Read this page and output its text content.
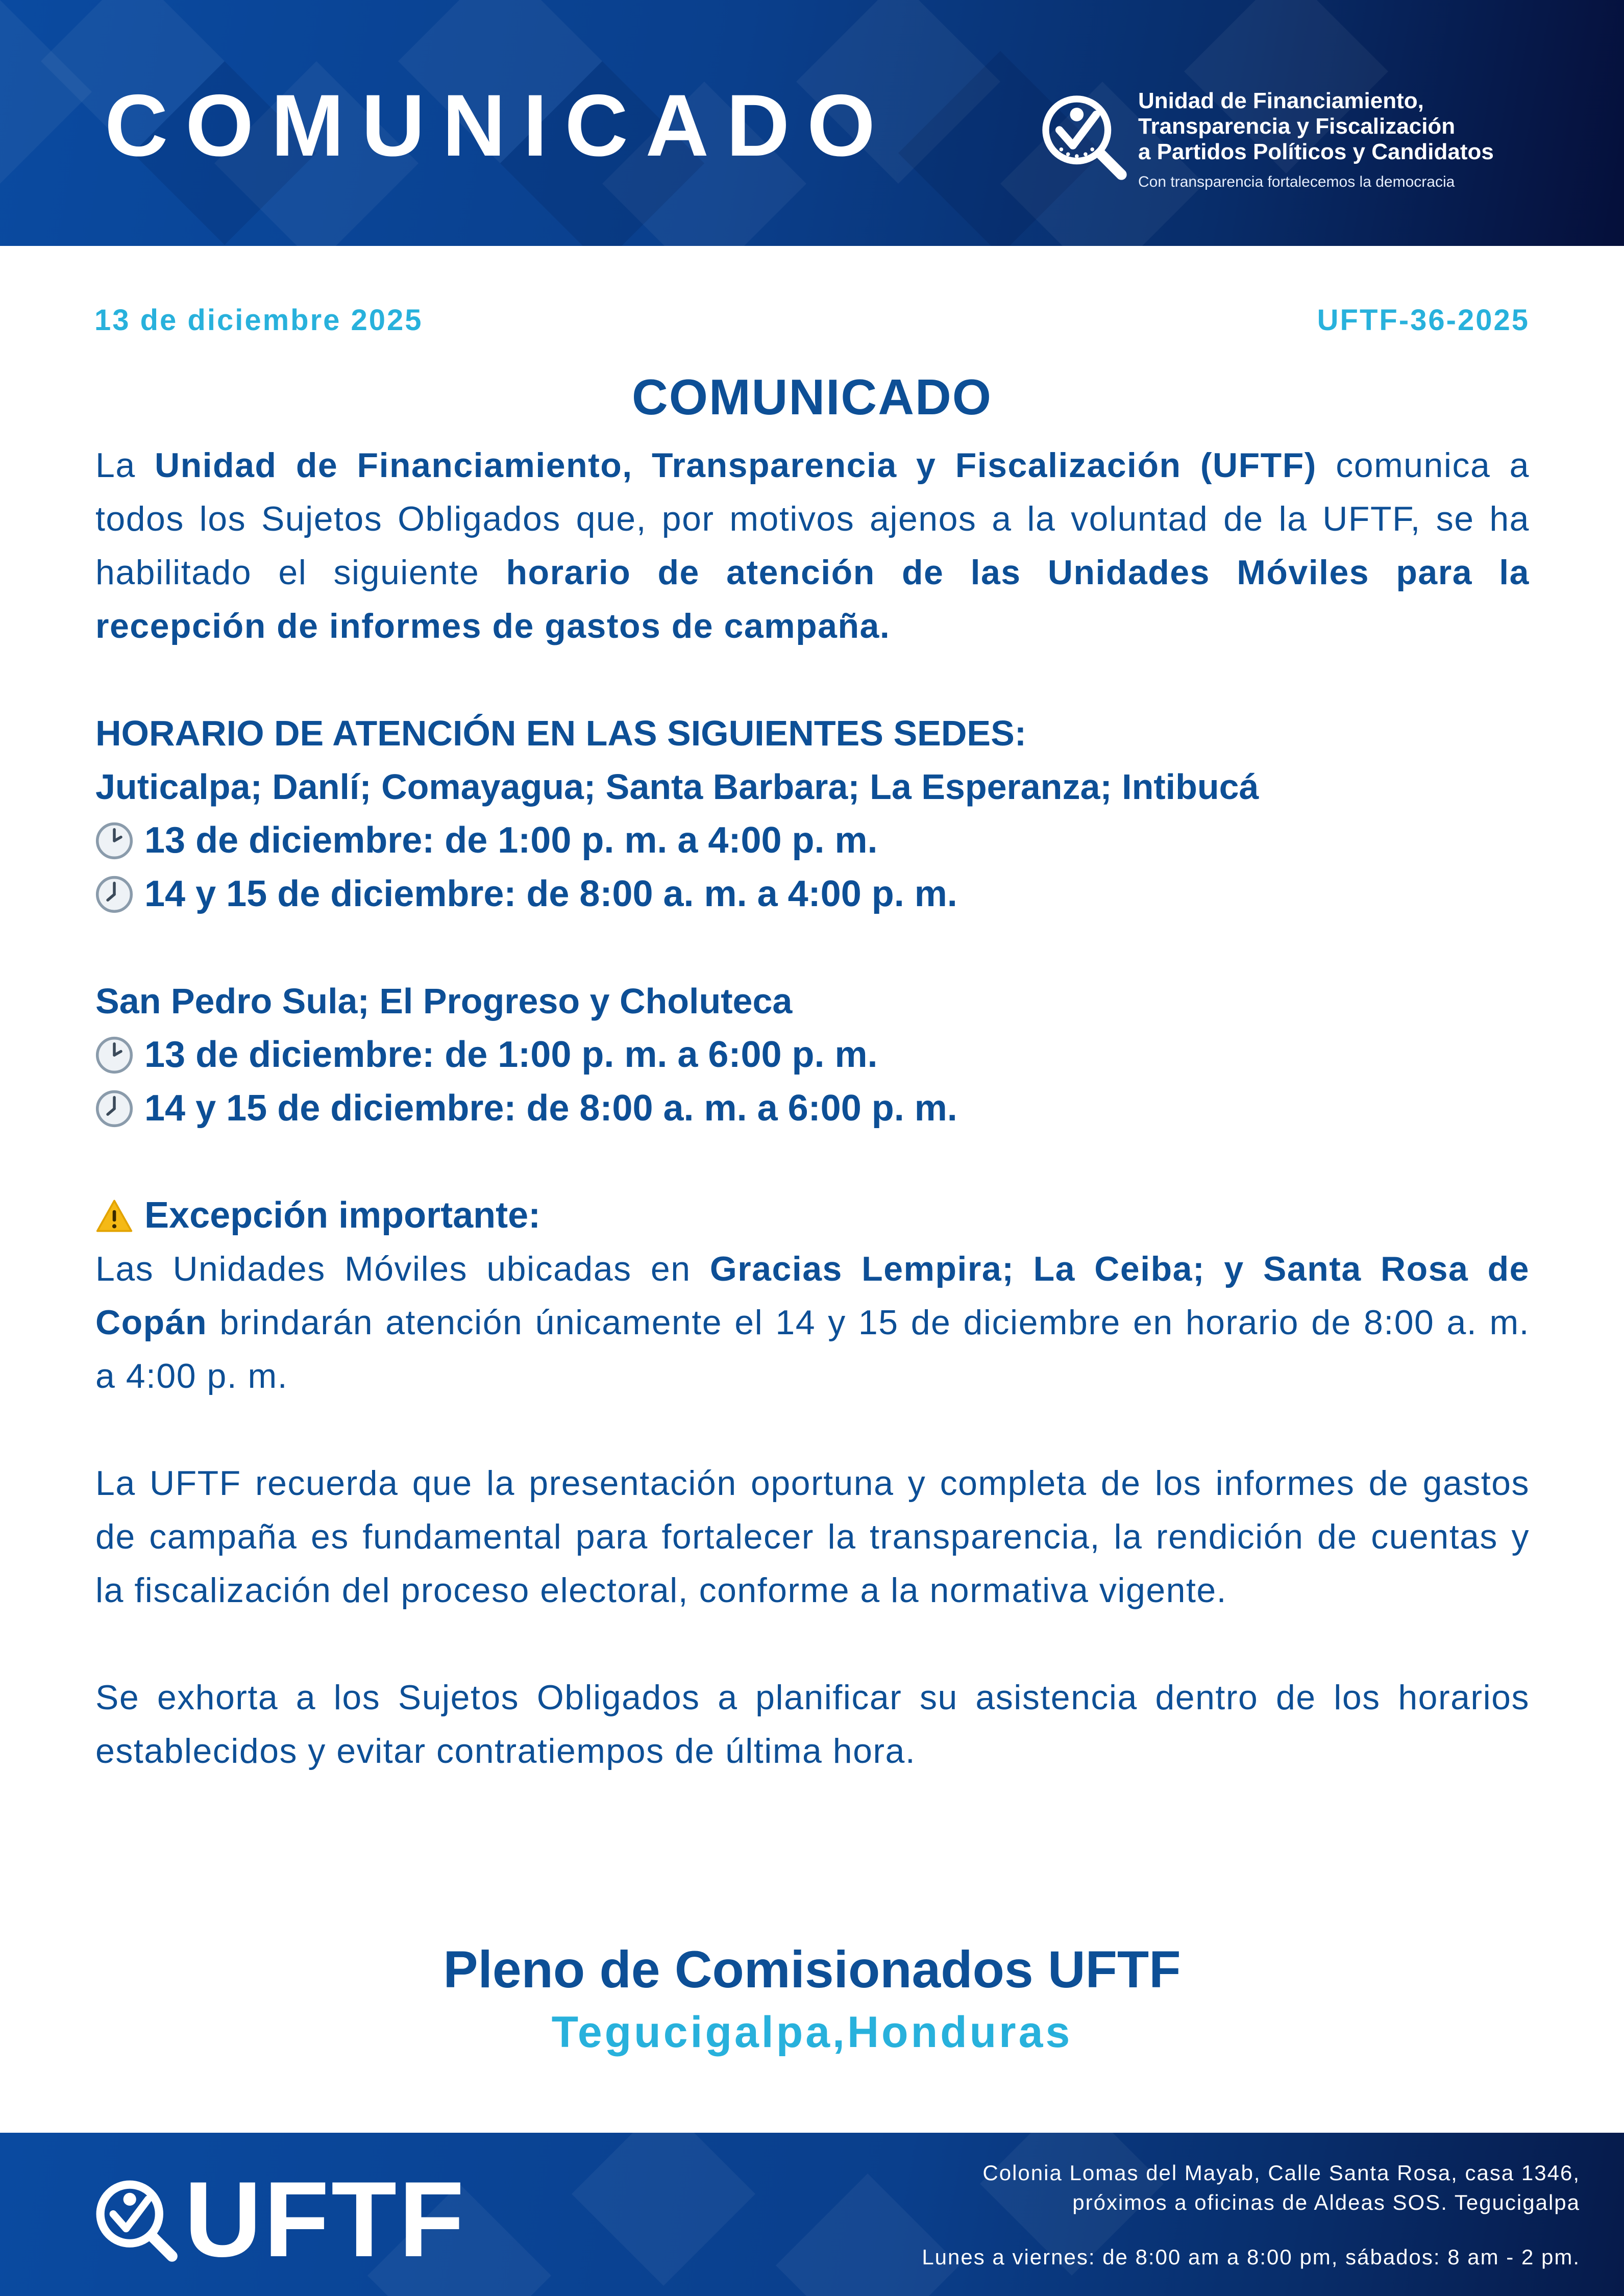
COMUNICADO	Unidad de Financiamiento,
Transparencia y Fiscalización
a Partidos Políticos y Candidatos
Con transparencia fortalecemos la democracia
13 de diciembre 2025	UFTF-36-2025
COMUNICADO

La Unidad de Financiamiento, Transparencia y Fiscalización (UFTF) comunica a todos los Sujetos Obligados que, por motivos ajenos a la voluntad de la UFTF, se ha habilitado el siguiente horario de atención de las Unidades Móviles para la recepción de informes de gastos de campaña.

HORARIO DE ATENCIÓN EN LAS SIGUIENTES SEDES:
Juticalpa; Danlí; Comayagua; Santa Barbara; La Esperanza; Intibucá
13 de diciembre: de 1:00 p. m. a 4:00 p. m.
14 y 15 de diciembre: de 8:00 a. m. a 4:00 p. m.
San Pedro Sula; El Progreso y Choluteca
13 de diciembre: de 1:00 p. m. a 6:00 p. m.
14 y 15 de diciembre: de 8:00 a. m. a 6:00 p. m.
Excepción importante:

Las Unidades Móviles ubicadas en Gracias Lempira; La Ceiba; y Santa Rosa de Copán brindarán atención únicamente el 14 y 15 de diciembre en horario de 8:00 a. m. a 4:00 p. m.

La UFTF recuerda que la presentación oportuna y completa de los informes de gastos de campaña es fundamental para fortalecer la transparencia, la rendición de cuentas y la fiscalización del proceso electoral, conforme a la normativa vigente.

Se exhorta a los Sujetos Obligados a planificar su asistencia dentro de los horarios establecidos y evitar contratiempos de última hora.

Pleno de Comisionados UFTF
Tegucigalpa,Honduras
UFTF	Colonia Lomas del Mayab, Calle Santa Rosa, casa 1346,
próximos a oficinas de Aldeas SOS. Tegucigalpa
Lunes a viernes: de 8:00 am a 8:00 pm, sábados: 8 am - 2 pm.
